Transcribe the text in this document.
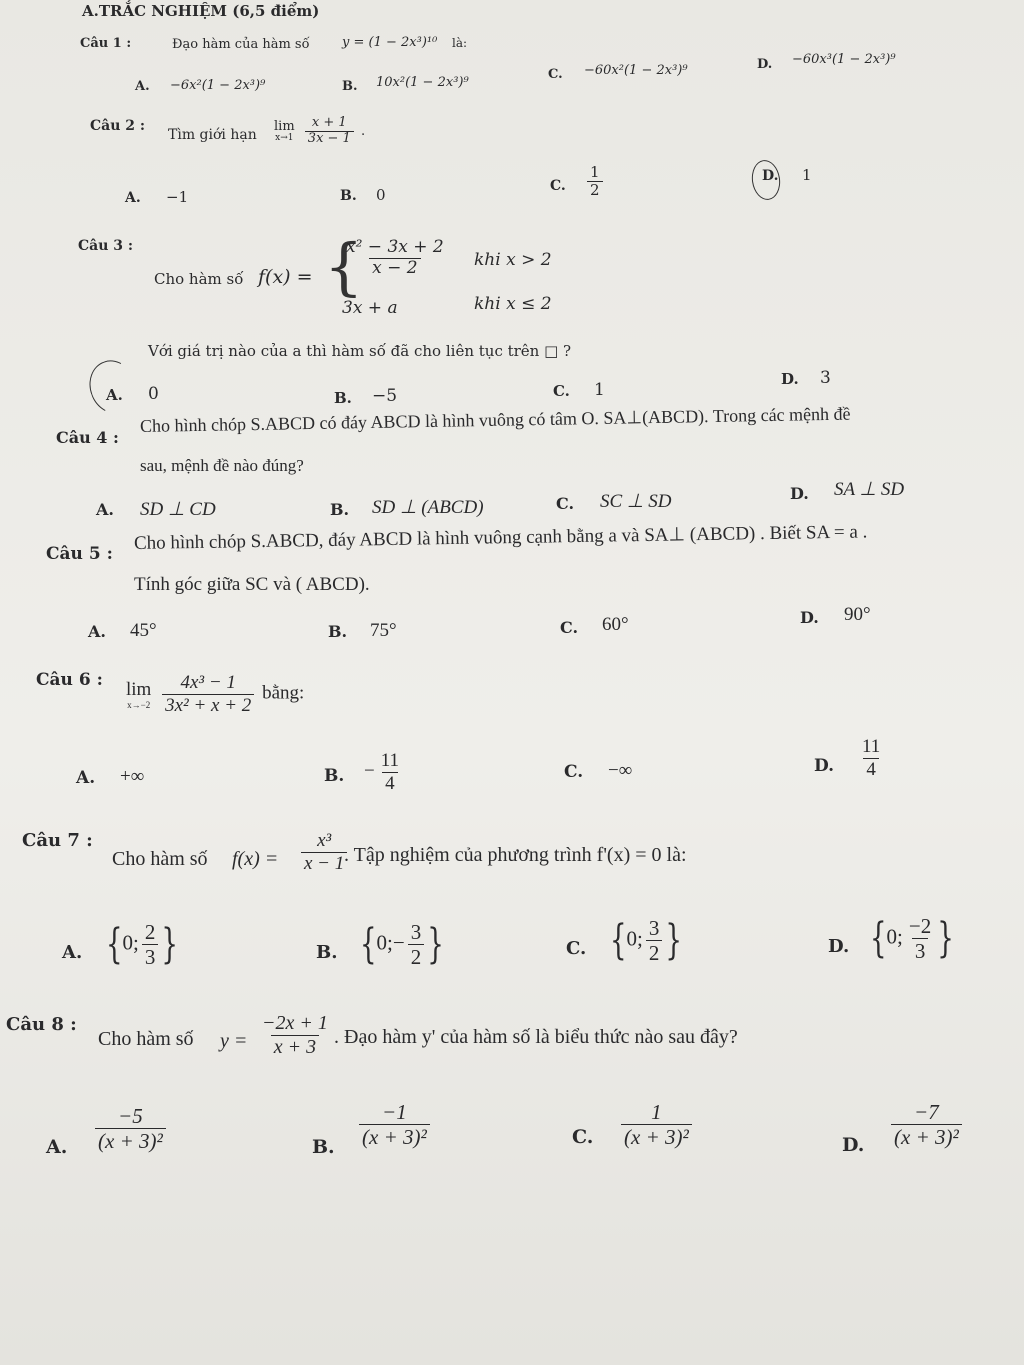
A.TRẮC NGHIỆM (6,5 điểm)
Câu 1 :	Đạo hàm của hàm số y = (1 − 2x³)¹⁰ là:
A. −6x²(1 − 2x³)⁹	B. 10x²(1 − 2x³)⁹
C. −60x²(1 − 2x³)⁹	D. −60x³(1 − 2x³)⁹
Câu 2 :
Tìm giới hạn
lim
x→1
$\frac{x + 1}{3x - 1}$ .
A. −1	B. 0	C. $\frac{1}{2}$	D. 1
Câu 3 :
Cho hàm số f(x) = {
$\frac{\text{x² − 3x + 2}}{x - 2}$ khi x > 2
3x + a	khi x ≤ 2
Với giá trị nào của a thì hàm số đã cho liên tục trên □ ?
A. 0	B. −5	C. 1
D. 3
Câu 4 :
Cho hình chóp S.ABCD có đáy ABCD là hình vuông có tâm O. SA⊥(ABCD). Trong các mệnh đề
sau, mệnh đề nào đúng?
A. SD ⊥ CD	B. SD ⊥ (ABCD)	C. SC ⊥ SD	D. SA ⊥ SD
Câu 5 :
Cho hình chóp S.ABCD, đáy ABCD là hình vuông cạnh bằng a và SA⊥ (ABCD) . Biết SA = a .
Tính góc giữa SC và ( ABCD).
A. 45°	B. 75°	C. 60°	D. 90°
Câu 6 : lim
x→−2
$\frac{\text{4x³ − 1}}{\text{3x² + x + 2}}$ bằng:
A. +∞	B. − $\frac{11}{4}$	C. −∞	D. $\frac{11}{4}$
Câu 7 :
Cho hàm số $f(x) = \frac{\text{x³}}{x - 1}$
. Tập nghiệm của phương trình f'(x) = 0 là:
A. {0; $\frac{2}{3}$ }	B. {0;− $\frac{3}{2}$ }	C. {0; $\frac{3}{2}$ }	D. {0; $\frac{-2}{3}$ }
Câu 8 :
Cho hàm số $y = \frac{-2x + 1}{x + 3}$ . Đạo hàm y' của hàm số là biểu thức nào sau đây?
A. $\frac{-5}{\text{(x + 3)²}}$	B. $\frac{-1}{\text{(x + 3)²}}$	C. $\frac{1}{\text{(x + 3)²}}$	D. $\frac{-7}{\text{(x + 3)²}}$
